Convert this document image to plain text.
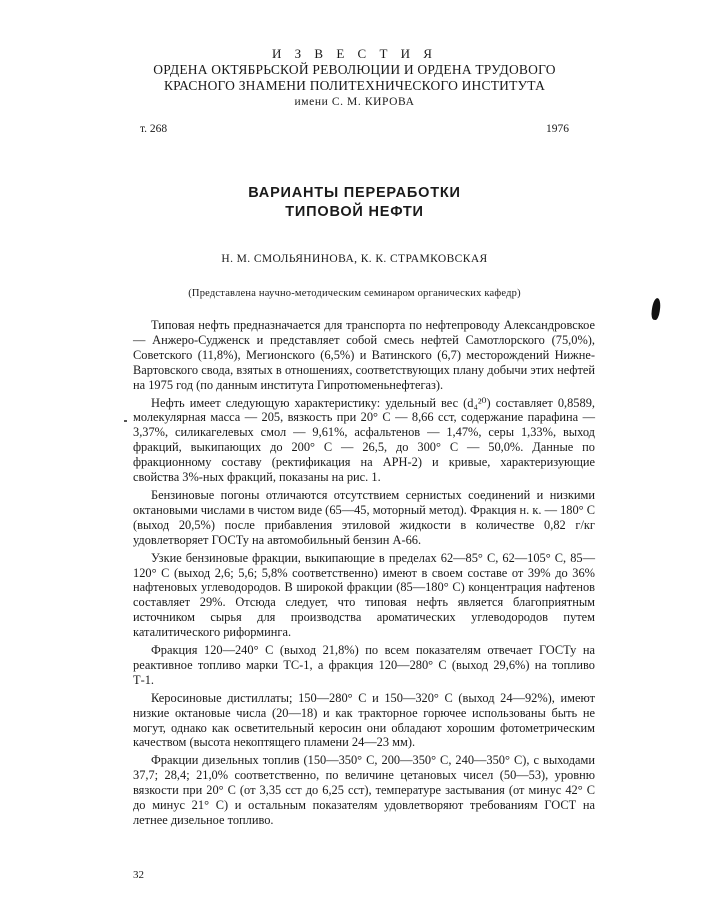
И З В Е С Т И Я
ОРДЕНА ОКТЯБРЬСКОЙ РЕВОЛЮЦИИ И ОРДЕНА ТРУДОВОГО
КРАСНОГО ЗНАМЕНИ ПОЛИТЕХНИЧЕСКОГО ИНСТИТУТА
имени С. М. КИРОВА
т. 268	1976
ВАРИАНТЫ ПЕРЕРАБОТКИ
ТИПОВОЙ НЕФТИ
Н. М. СМОЛЬЯНИНОВА, К. К. СТРАМКОВСКАЯ
(Представлена научно-методическим семинаром органических кафедр)

Типовая нефть предназначается для транспорта по нефтепроводу Александровское — Анжеро-Судженск и представляет собой смесь нефтей Самотлорского (75,0%), Советского (11,8%), Мегионского (6,5%) и Ватинского (6,7) месторождений Нижне-Вартовского свода, взятых в отношениях, соответствующих плану добычи этих нефтей на 1975 год (по данным института Гипротюменьнефтегаз).

Нефть имеет следующую характеристику: удельный вес (d₄²⁰) составляет 0,8589, молекулярная масса — 205, вязкость при 20° С — 8,66 сст, содержание парафина — 3,37%, силикагелевых смол — 9,61%, асфальтенов — 1,47%, серы 1,33%, выход фракций, выкипающих до 200° С — 26,5, до 300° С — 50,0%. Данные по фракционному составу (ректификация на АРН-2) и кривые, характеризующие свойства 3%-ных фракций, показаны на рис. 1.

Бензиновые погоны отличаются отсутствием сернистых соединений и низкими октановыми числами в чистом виде (65—45, моторный метод). Фракция н. к. — 180° С (выход 20,5%) после прибавления этиловой жидкости в количестве 0,82 г/кг удовлетворяет ГОСТу на автомобильный бензин А-66.

Узкие бензиновые фракции, выкипающие в пределах 62—85° С, 62—105° С, 85—120° С (выход 2,6; 5,6; 5,8% соответственно) имеют в своем составе от 39% до 36% нафтеновых углеводородов. В широкой фракции (85—180° С) концентрация нафтенов составляет 29%. Отсюда следует, что типовая нефть является благоприятным источником сырья для производства ароматических углеводородов путем каталитического риформинга.

Фракция 120—240° С (выход 21,8%) по всем показателям отвечает ГОСТу на реактивное топливо марки ТС-1, а фракция 120—280° С (выход 29,6%) на топливо Т-1.

Керосиновые дистиллаты; 150—280° С и 150—320° С (выход 24—92%), имеют низкие октановые числа (20—18) и как тракторное горючее использованы быть не могут, однако как осветительный керосин они обладают хорошим фотометрическим качеством (высота некоптящего пламени 24—23 мм).

Фракции дизельных топлив (150—350° С, 200—350° С, 240—350° С), с выходами 37,7; 28,4; 21,0% соответственно, по величине цетановых чисел (50—53), уровню вязкости при 20° С (от 3,35 сст до 6,25 сст), температуре застывания (от минус 42° С до минус 21° С) и остальным показателям удовлетворяют требованиям ГОСТ на летнее дизельное топливо.

32
